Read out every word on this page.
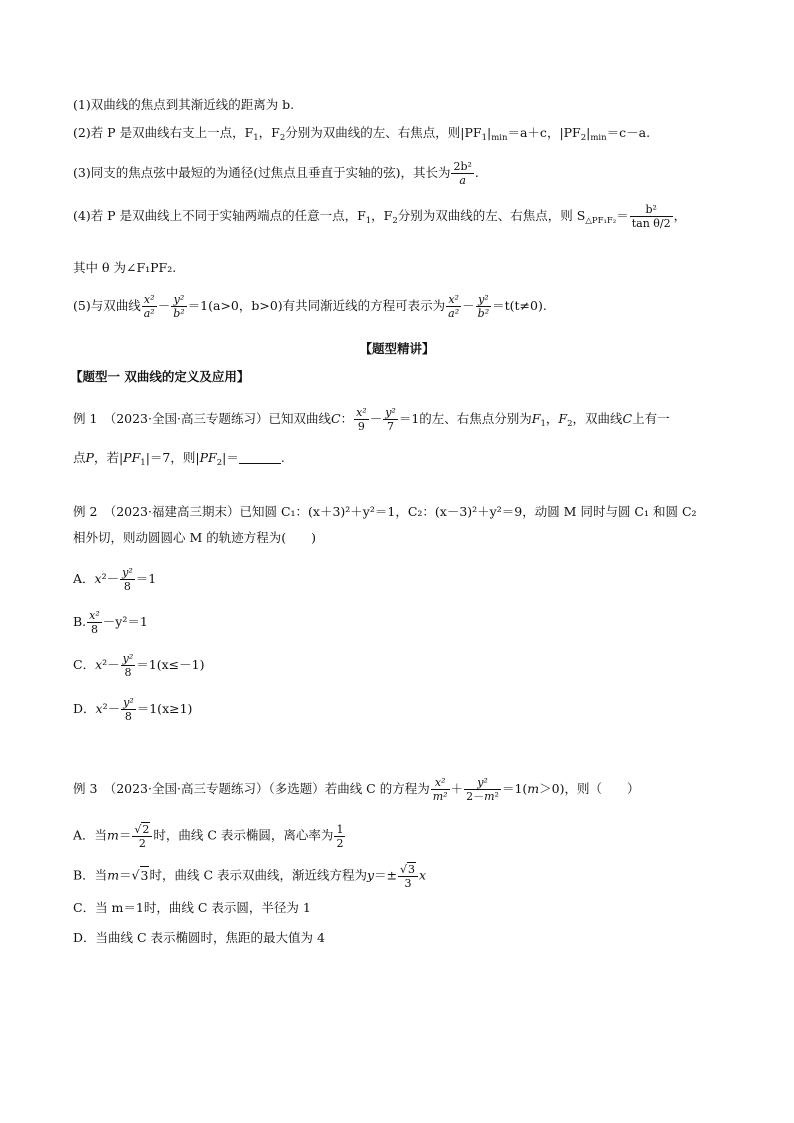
(1)双曲线的焦点到其渐近线的距离为 b.
(2)若 P 是双曲线右支上一点，$F_1$，$F_2$分别为双曲线的左、右焦点，则$|PF_1|_{min}=a+c$，$|PF_2|_{min}=c-a$.
(3)同支的焦点弦中最短的为通径(过焦点且垂直于实轴的弦)，其长为 $\frac{\text{2b²}}{a}$ .
(4)若 P 是双曲线上不同于实轴两端点的任意一点，$F_1$，$F_2$分别为双曲线的左、右焦点，则 $S_{\triangle PF_1F_2}= \frac{\text{b²}}{\text{tan θ/2}}$ ，
其中 θ 为∠F₁PF₂.
(5)与双曲线 $\frac{\text{x²}}{\text{a²}} - \frac{\text{y²}}{\text{b²}} =1(a>0$，b>0)有共同渐近线的方程可表示为 $\frac{\text{x²}}{\text{a²}} - \frac{\text{y²}}{\text{b²}} =t(t\ne 0)$.
【题型精讲】
【题型一 双曲线的定义及应用】
例 1　 （2023·全国·高三专题练习）已知双曲线C： $\frac{\text{x²}}{9} - \frac{\text{y²}}{7} =1$的左、右焦点分别为$F_1$，$F_2$，双曲线C上有一
点P，若$|PF_1|=7$，则$|PF_2|=$	.
例 2　 （2023·福建高三期末）已知圆 C₁：(x＋3)²＋y²＝1，C₂：(x－3)²＋y²＝9，动圆 M 同时与圆 C₁ 和圆 C₂
相外切，则动圆圆心 M 的轨迹方程为(　　)
A．$x^2- \frac{\text{y²}}{8} =1$
B. $\frac{\text{x²}}{8} -y^2=1$
C．$x^2- \frac{\text{y²}}{8} =1(x\le-1)$
D．$x^2- \frac{\text{y²}}{8} =1(x\ge 1)$
例 3　 （2023·全国·高三专题练习）（多选题）若曲线 C 的方程为 $\frac{\text{x²}}{\text{m²}} + \frac{\text{y²}}{\text{2－m²}} =1(m>0)$，则（　　）
A．当$m= \frac{√2}{2}$ 时，曲线 C 表示椭圆，离心率为 $\frac{1}{2}$
B．当m＝√3时，曲线 C 表示双曲线，渐近线方程为$y=\pm \frac{√3}{3}$ x
C．当 m＝1时，曲线 C 表示圆，半径为 1
D．当曲线 C 表示椭圆时，焦距的最大值为 4
